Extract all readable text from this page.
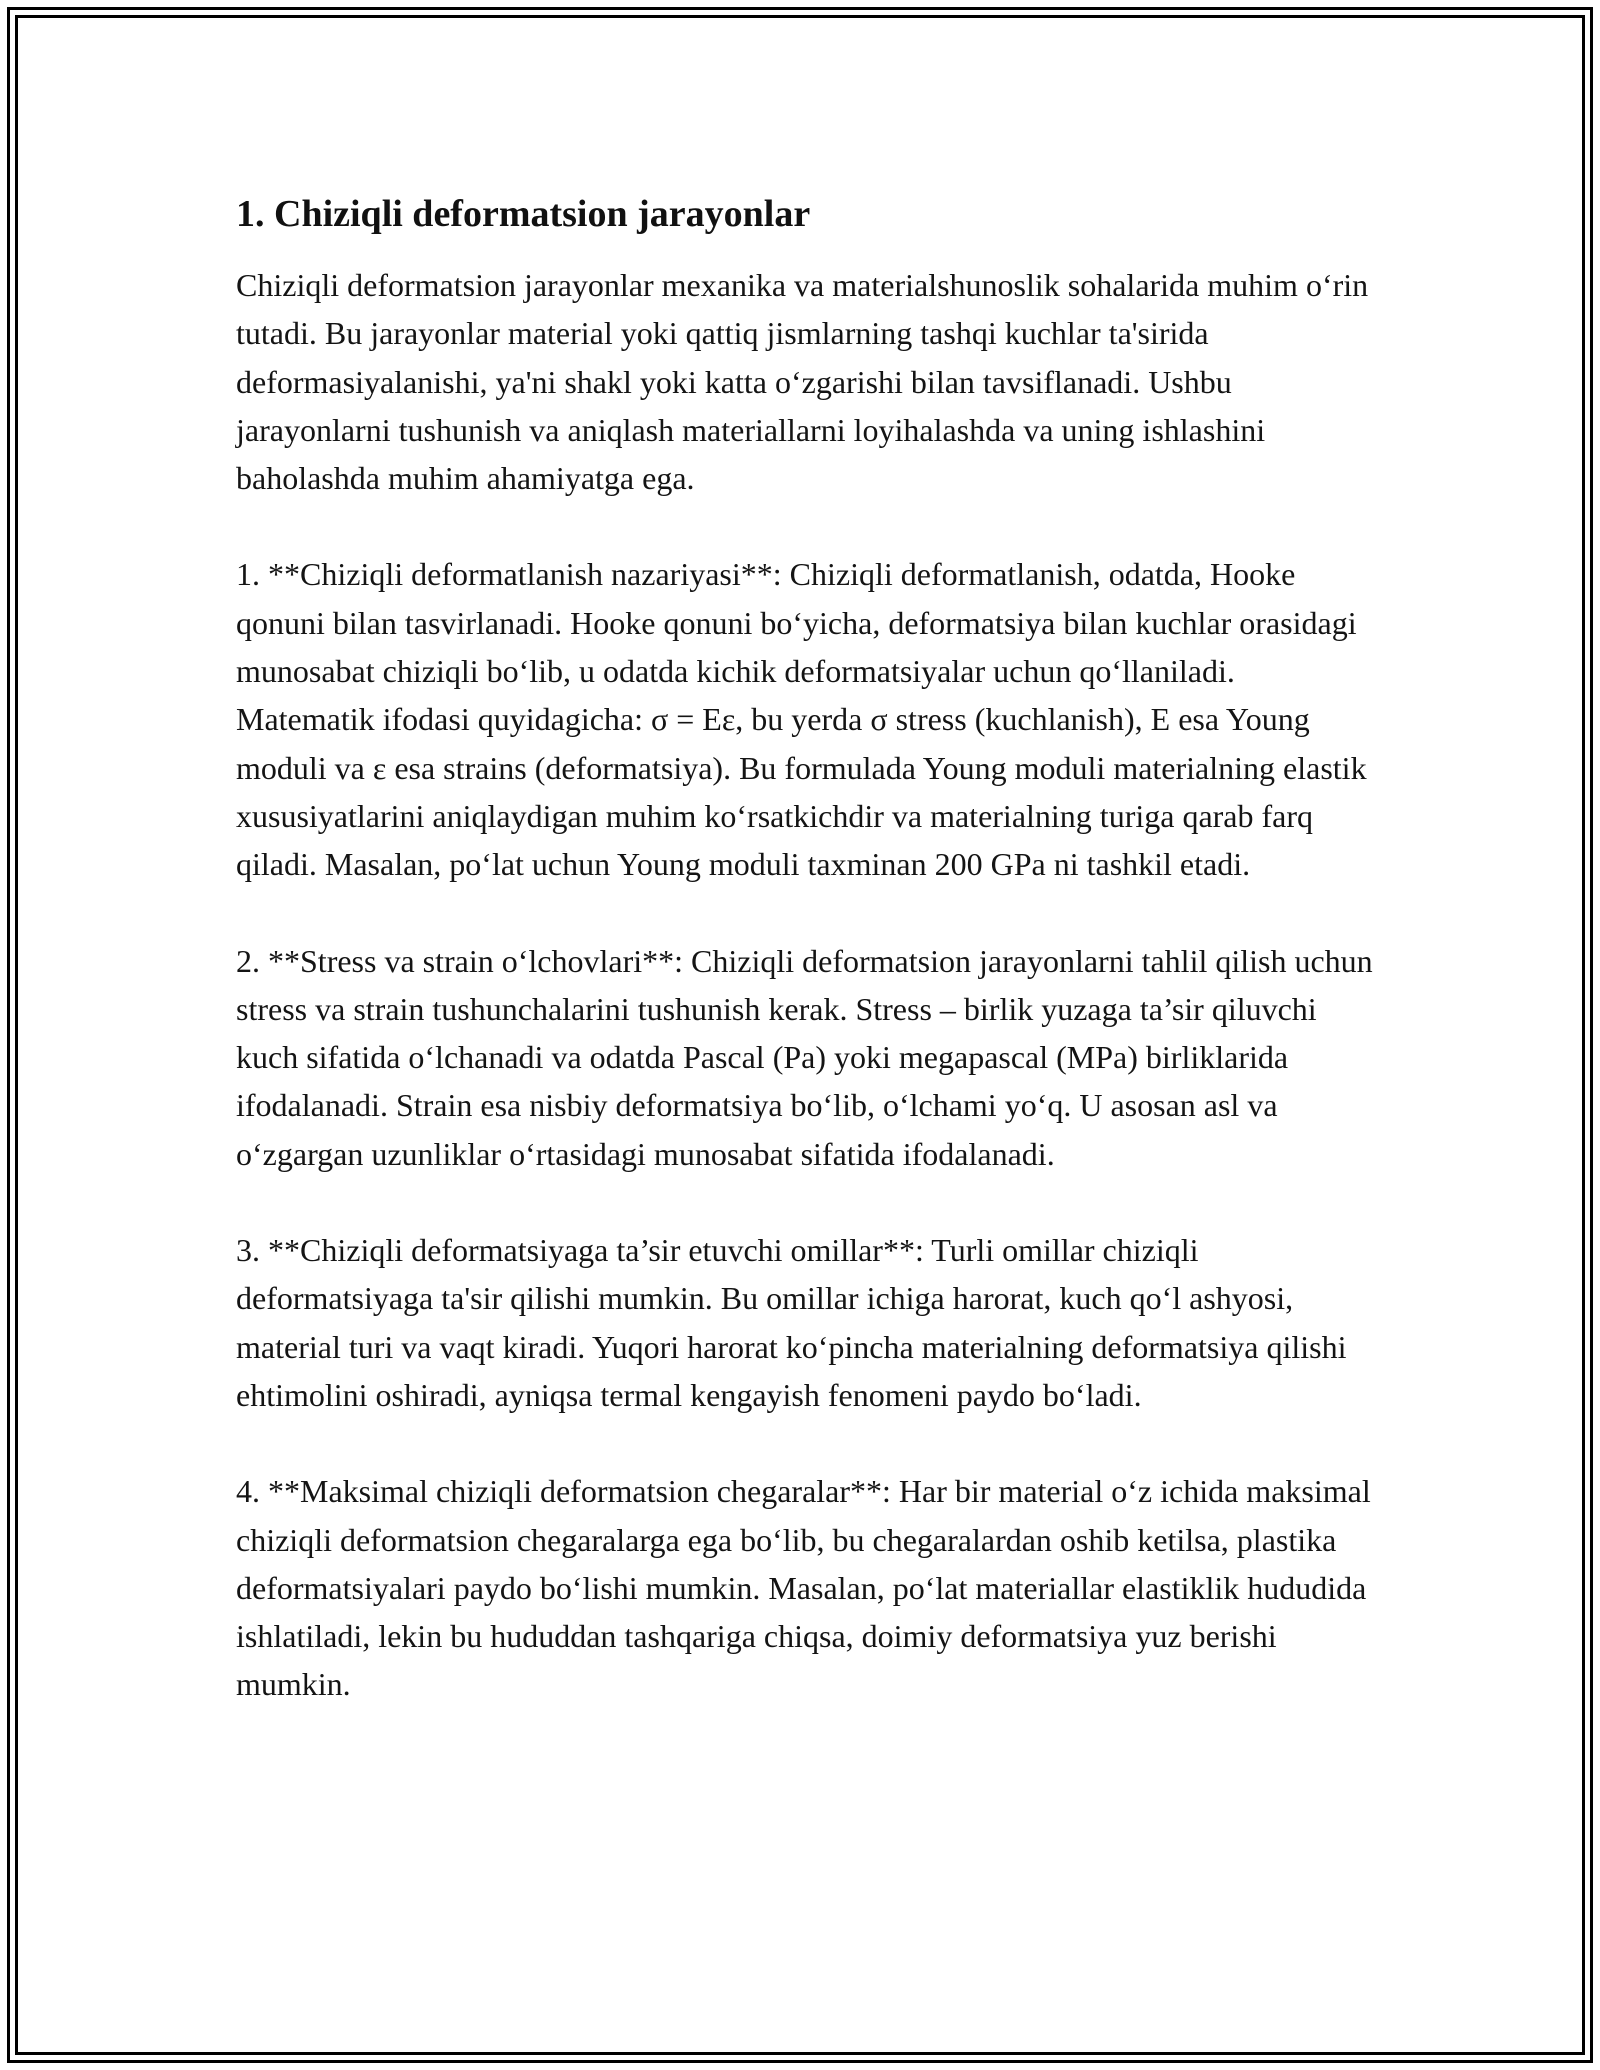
1. Chiziqli deformatsion jarayonlar

Chiziqli deformatsion jarayonlar mexanika va materialshunoslik sohalarida muhim o‘rin tutadi. Bu jarayonlar material yoki qattiq jismlarning tashqi kuchlar ta'sirida deformasiyalanishi, ya'ni shakl yoki katta o‘zgarishi bilan tavsiflanadi. Ushbu jarayonlarni tushunish va aniqlash materiallarni loyihalashda va uning ishlashini baholashda muhim ahamiyatga ega.

1. **Chiziqli deformatlanish nazariyasi**: Chiziqli deformatlanish, odatda, Hooke qonuni bilan tasvirlanadi. Hooke qonuni bo‘yicha, deformatsiya bilan kuchlar orasidagi munosabat chiziqli bo‘lib, u odatda kichik deformatsiyalar uchun qo‘llaniladi. Matematik ifodasi quyidagicha: σ = Eε, bu yerda σ stress (kuchlanish), E esa Young moduli va ε esa strains (deformatsiya). Bu formulada Young moduli materialning elastik xususiyatlarini aniqlaydigan muhim ko‘rsatkichdir va materialning turiga qarab farq qiladi. Masalan, po‘lat uchun Young moduli taxminan 200 GPa ni tashkil etadi.

2. **Stress va strain o‘lchovlari**: Chiziqli deformatsion jarayonlarni tahlil qilish uchun stress va strain tushunchalarini tushunish kerak. Stress – birlik yuzaga ta’sir qiluvchi kuch sifatida o‘lchanadi va odatda Pascal (Pa) yoki megapascal (MPa) birliklarida ifodalanadi. Strain esa nisbiy deformatsiya bo‘lib, o‘lchami yo‘q. U asosan asl va o‘zgargan uzunliklar o‘rtasidagi munosabat sifatida ifodalanadi.

3. **Chiziqli deformatsiyaga ta’sir etuvchi omillar**: Turli omillar chiziqli deformatsiyaga ta'sir qilishi mumkin. Bu omillar ichiga harorat, kuch qo‘l ashyosi, material turi va vaqt kiradi. Yuqori harorat ko‘pincha materialning deformatsiya qilishi ehtimolini oshiradi, ayniqsa termal kengayish fenomeni paydo bo‘ladi.

4. **Maksimal chiziqli deformatsion chegaralar**: Har bir material o‘z ichida maksimal chiziqli deformatsion chegaralarga ega bo‘lib, bu chegaralardan oshib ketilsa, plastika deformatsiyalari paydo bo‘lishi mumkin. Masalan, po‘lat materiallar elastiklik hududida ishlatiladi, lekin bu hududdan tashqariga chiqsa, doimiy deformatsiya yuz berishi mumkin.
